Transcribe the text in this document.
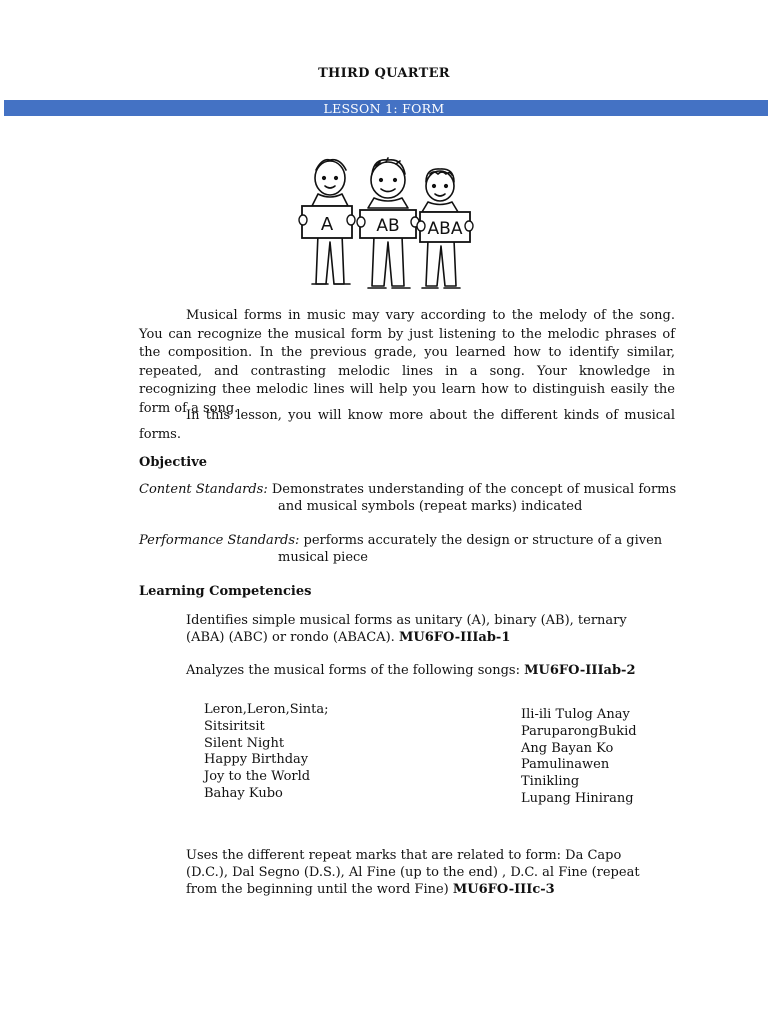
THIRD QUARTER
LESSON 1: FORM
A	AB ABA
Musical forms in music may vary according to the melody of the song. You can recognize the musical form by just listening to the melodic phrases of the composition. In the previous grade, you learned how to identify similar, repeated, and contrasting melodic lines in a song. Your knowledge in recognizing thee melodic lines will help you learn how to distinguish easily the form of a song.
In this lesson, you will know more about the different kinds of musical forms.
Objective
Content Standards: Demonstrates understanding of the concept of musical forms
and musical symbols (repeat marks) indicated
Performance Standards: performs accurately the design or structure of a given
musical piece
Learning Competencies
Identifies simple musical forms as unitary (A), binary (AB), ternary (ABA) (ABC) or rondo (ABACA). MU6FO-IIIab-1
Analyzes the musical forms of the following songs: MU6FO-IIIab-2
Leron,Leron,Sinta;
Sitsiritsit
Silent Night
Happy Birthday
Joy to the World
Bahay Kubo
Ili-ili Tulog Anay
ParuparongBukid
Ang Bayan Ko
Pamulinawen
Tinikling
Lupang Hinirang
Uses the different repeat marks that are related to form: Da Capo (D.C.), Dal Segno (D.S.), Al Fine (up to the end) , D.C. al Fine (repeat from the beginning until the word Fine) MU6FO-IIIc-3
